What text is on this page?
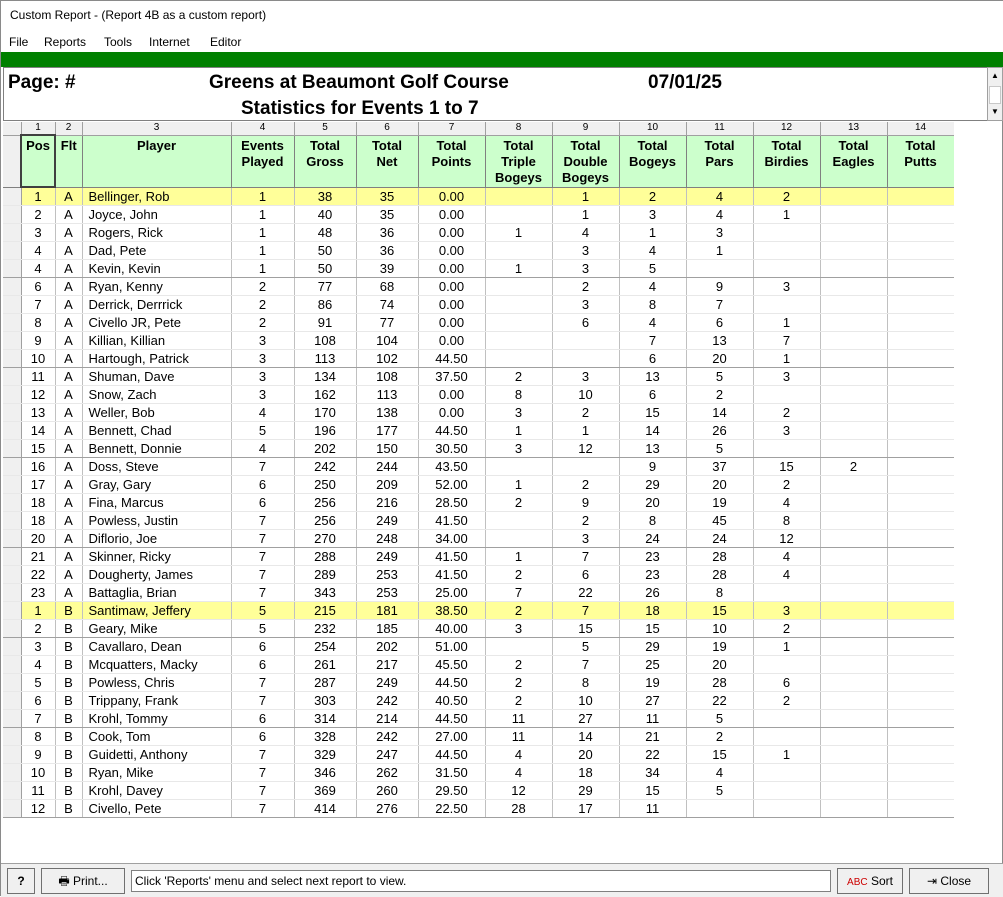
Custom Report - (Report 4B as a custom report)
File Reports Tools Internet Editor
Page: #	Greens at Beaumont Golf Course	07/01/25
Statistics for Events 1 to 7
▲
▼
	1	2	3	4	5	6	7	8	9	10	11	12	13	14
	Pos	Flt	Player	Events
Played	Total
Gross	Total
Net	Total
Points	Total
Triple
Bogeys	Total
Double
Bogeys	Total
Bogeys	Total
Pars	Total
Birdies	Total
Eagles	Total
Putts
	1	A	Bellinger, Rob	1	38	35	0.00		1	2	4	2		
	2	A	Joyce, John	1	40	35	0.00		1	3	4	1		
	3	A	Rogers, Rick	1	48	36	0.00	1	4	1	3			
	4	A	Dad, Pete	1	50	36	0.00		3	4	1			
	4	A	Kevin, Kevin	1	50	39	0.00	1	3	5				
	6	A	Ryan, Kenny	2	77	68	0.00		2	4	9	3		
	7	A	Derrick, Derrrick	2	86	74	0.00		3	8	7			
	8	A	Civello JR, Pete	2	91	77	0.00		6	4	6	1		
	9	A	Killian, Killian	3	108	104	0.00			7	13	7		
	10	A	Hartough, Patrick	3	113	102	44.50			6	20	1		
	11	A	Shuman, Dave	3	134	108	37.50	2	3	13	5	3		
	12	A	Snow, Zach	3	162	113	0.00	8	10	6	2			
	13	A	Weller, Bob	4	170	138	0.00	3	2	15	14	2		
	14	A	Bennett, Chad	5	196	177	44.50	1	1	14	26	3		
	15	A	Bennett, Donnie	4	202	150	30.50	3	12	13	5			
	16	A	Doss, Steve	7	242	244	43.50			9	37	15	2	
	17	A	Gray, Gary	6	250	209	52.00	1	2	29	20	2		
	18	A	Fina, Marcus	6	256	216	28.50	2	9	20	19	4		
	18	A	Powless, Justin	7	256	249	41.50		2	8	45	8		
	20	A	Diflorio, Joe	7	270	248	34.00		3	24	24	12		
	21	A	Skinner, Ricky	7	288	249	41.50	1	7	23	28	4		
	22	A	Dougherty, James	7	289	253	41.50	2	6	23	28	4		
	23	A	Battaglia, Brian	7	343	253	25.00	7	22	26	8			
	1	B	Santimaw, Jeffery	5	215	181	38.50	2	7	18	15	3		
	2	B	Geary, Mike	5	232	185	40.00	3	15	15	10	2		
	3	B	Cavallaro, Dean	6	254	202	51.00		5	29	19	1		
	4	B	Mcquatters, Macky	6	261	217	45.50	2	7	25	20			
	5	B	Powless, Chris	7	287	249	44.50	2	8	19	28	6		
	6	B	Trippany, Frank	7	303	242	40.50	2	10	27	22	2		
	7	B	Krohl, Tommy	6	314	214	44.50	11	27	11	5			
	8	B	Cook, Tom	6	328	242	27.00	11	14	21	2			
	9	B	Guidetti, Anthony	7	329	247	44.50	4	20	22	15	1		
	10	B	Ryan, Mike	7	346	262	31.50	4	18	34	4			
	11	B	Krohl, Davey	7	369	260	29.50	12	29	15	5			
	12	B	Civello, Pete	7	414	276	22.50	28	17	11				
?	🖶 Print...	Click 'Reports' menu and select next report to view.	ABC Sort	⇥ Close
